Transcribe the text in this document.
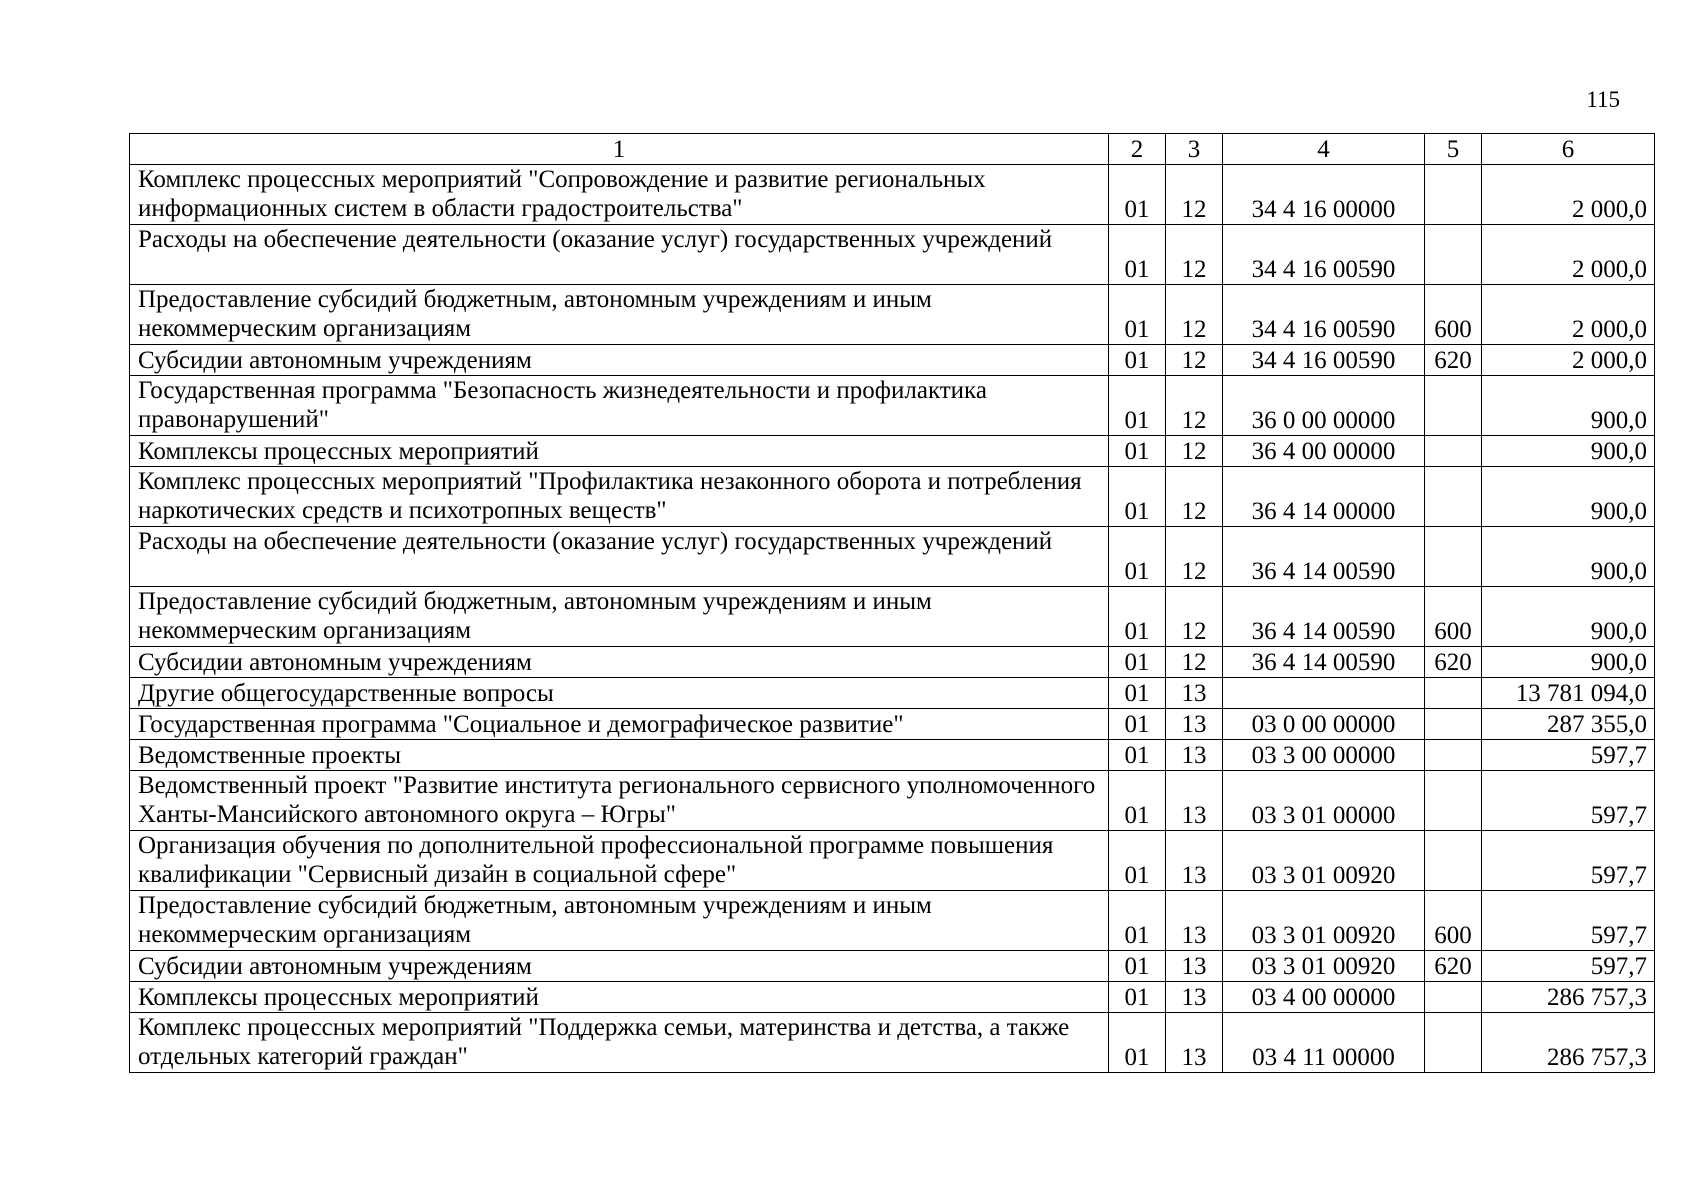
115
1	2	3	4	5	6
Комплекс процессных мероприятий "Сопровождение и развитие региональных информационных систем в области градостроительства"	01	12	34 4 16 00000		2 000,0
Расходы на обеспечение деятельности (оказание услуг) государственных учреждений	01	12	34 4 16 00590		2 000,0
Предоставление субсидий бюджетным, автономным учреждениям и иным некоммерческим организациям	01	12	34 4 16 00590	600	2 000,0
Субсидии автономным учреждениям	01	12	34 4 16 00590	620	2 000,0
Государственная программа "Безопасность жизнедеятельности и профилактика правонарушений"	01	12	36 0 00 00000		900,0
Комплексы процессных мероприятий	01	12	36 4 00 00000		900,0
Комплекс процессных мероприятий "Профилактика незаконного оборота и потребления наркотических средств и психотропных веществ"	01	12	36 4 14 00000		900,0
Расходы на обеспечение деятельности (оказание услуг) государственных учреждений	01	12	36 4 14 00590		900,0
Предоставление субсидий бюджетным, автономным учреждениям и иным некоммерческим организациям	01	12	36 4 14 00590	600	900,0
Субсидии автономным учреждениям	01	12	36 4 14 00590	620	900,0
Другие общегосударственные вопросы	01	13			13 781 094,0
Государственная программа "Социальное и демографическое развитие"	01	13	03 0 00 00000		287 355,0
Ведомственные проекты	01	13	03 3 00 00000		597,7
Ведомственный проект "Развитие института регионального сервисного уполномоченного Ханты-Мансийского автономного округа – Югры"	01	13	03 3 01 00000		597,7
Организация обучения по дополнительной профессиональной программе повышения квалификации "Сервисный дизайн в социальной сфере"	01	13	03 3 01 00920		597,7
Предоставление субсидий бюджетным, автономным учреждениям и иным некоммерческим организациям	01	13	03 3 01 00920	600	597,7
Субсидии автономным учреждениям	01	13	03 3 01 00920	620	597,7
Комплексы процессных мероприятий	01	13	03 4 00 00000		286 757,3
Комплекс процессных мероприятий "Поддержка семьи, материнства и детства, а также отдельных категорий граждан"	01	13	03 4 11 00000		286 757,3
